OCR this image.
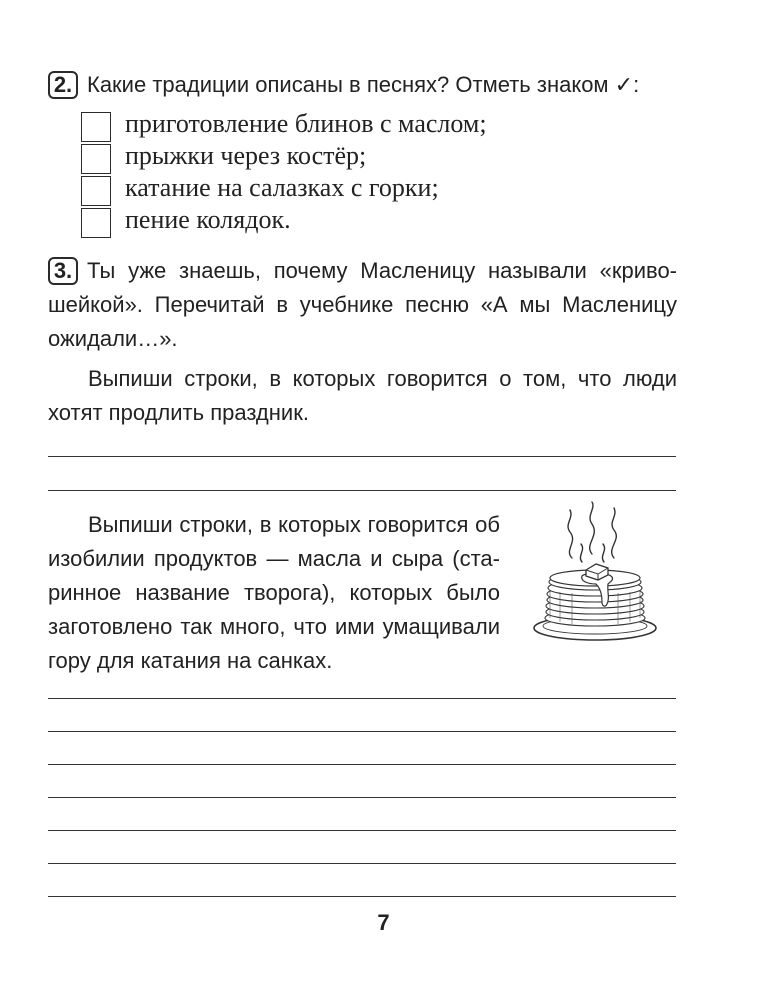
2. Какие традиции описаны в песнях? Отметь знаком ✓:
приготовление блинов с маслом;
прыжки через костёр;
катание на салазках с горки;
пение колядок.
3. Ты уже знаешь, почему Масленицу называли «криво-
шейкой». Перечитай в учебнике песню «А мы Масленицу
ожидали…».
Выпиши строки, в которых говорится о том, что люди
хотят продлить праздник.
Выпиши строки, в которых говорится об
изобилии продуктов — масла и сыра (ста-
ринное название творога), которых было
заготовлено так много, что ими умащивали
гору для катания на санках.
7
